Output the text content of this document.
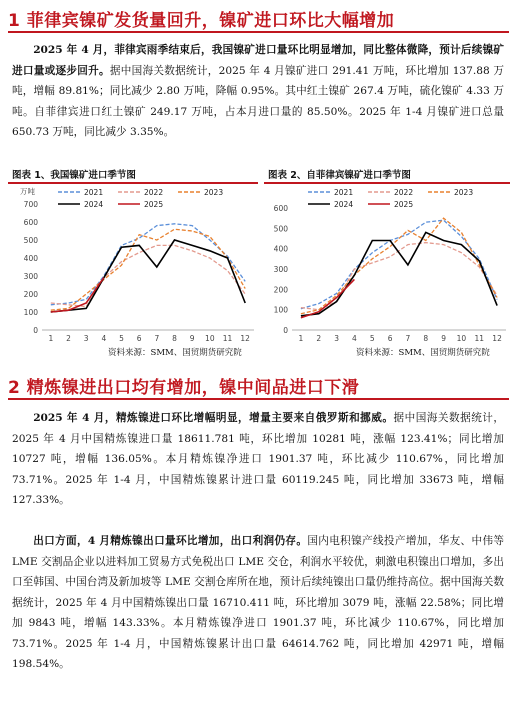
1 菲律宾镍矿发货量回升，镍矿进口环比大幅增加

2025 年 4 月，菲律宾雨季结束后，我国镍矿进口量环比明显增加，同比整体微降，预计后续镍矿进口量或逐步回升。据中国海关数据统计，2025 年 4 月镍矿进口 291.41 万吨，环比增加 137.88 万吨，增幅 89.81%；同比减少 2.80 万吨，降幅 0.95%。其中红土镍矿 267.4 万吨，硫化镍矿 4.33 万吨。自菲律宾进口红土镍矿 249.17 万吨，占本月进口量的 85.50%。2025 年 1-4 月镍矿进口总量 650.73 万吨，同比减少 3.35%。

图表 1、我国镍矿进口季节图	图表 2、自菲律宾镍矿进口季节图
0
100
200
300
400
500
600
700
1 2 3 4 5 6 7 8 9 10 11 12
万吨	2021	2022	2023
2024	2025
0
100
200
300
400
500
600
1 2 3 4 5 6 7 8 9 10 11 12
2021	2022	2023
2024	2025
资料来源：SMM、国贸期货研究院	资料来源：SMM、国贸期货研究院
2 精炼镍进出口均有增加，镍中间品进口下滑

2025 年 4 月，精炼镍进口环比增幅明显，增量主要来自俄罗斯和挪威。据中国海关数据统计，2025 年 4 月中国精炼镍进口量 18611.781 吨，环比增加 10281 吨，涨幅 123.41%；同比增加 10727 吨，增幅 136.05%。本月精炼镍净进口 1901.37 吨，环比减少 110.67%，同比增加 73.71%。2025 年 1-4 月，中国精炼镍累计进口量 60119.245 吨，同比增加 33673 吨，增幅 127.33%。

出口方面，4 月精炼镍出口量环比增加，出口利润仍存。国内电积镍产线投产增加，华友、中伟等 LME 交割品企业以进料加工贸易方式免税出口 LME 交仓，利润水平较优，刺激电积镍出口增加，多出口至韩国、中国台湾及新加坡等 LME 交割仓库所在地，预计后续纯镍出口量仍维持高位。据中国海关数据统计，2025 年 4 月中国精炼镍出口量 16710.411 吨，环比增加 3079 吨，涨幅 22.58%；同比增加 9843 吨，增幅 143.33%。本月精炼镍净进口 1901.37 吨，环比减少 110.67%，同比增加 73.71%。2025 年 1-4 月，中国精炼镍累计出口量 64614.762 吨，同比增加 42971 吨，增幅 198.54%。
